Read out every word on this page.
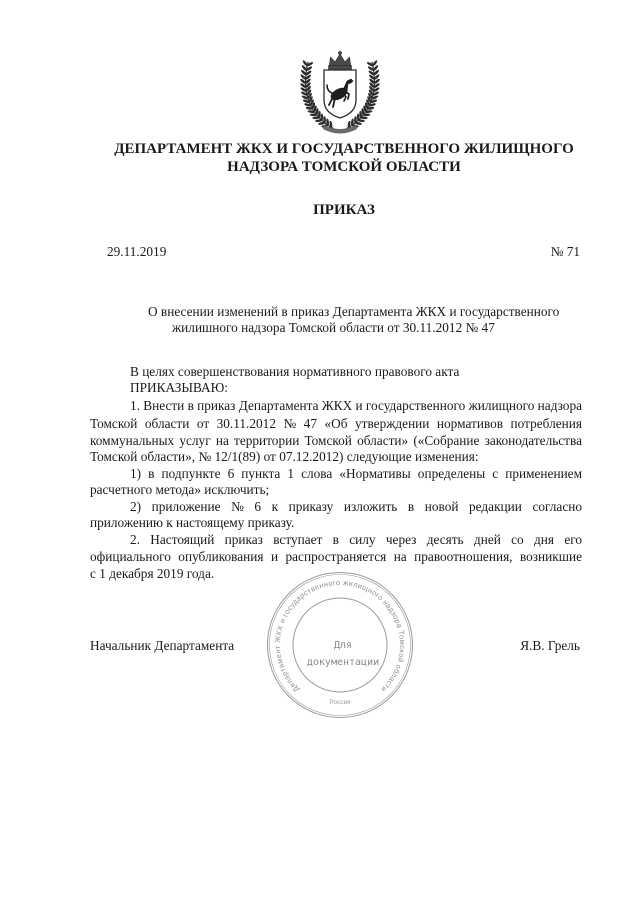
ДЕПАРТАМЕНТ ЖКХ И ГОСУДАРСТВЕННОГО ЖИЛИЩНОГО
НАДЗОРА ТОМСКОЙ ОБЛАСТИ
ПРИКАЗ
29.11.2019	№ 71
О внесении изменений в приказ Департамента ЖКХ и государственного
жилишного надзора Томской области от 30.11.2012 № 47
В целях совершенствования нормативного правового акта
ПРИКАЗЫВАЮ:
1. Внести в приказ Департамента ЖКХ и государственного жилищного надзора
Томской области от 30.11.2012 № 47 «Об утверждении нормативов потребления
коммунальных услуг на территории Томской области» («Собрание законодательства
Томской области», № 12/1(89) от 07.12.2012) следующие изменения:
1) в подпункте 6 пункта 1 слова «Нормативы определены с применением
расчетного метода» исключить;
2) приложение № 6 к приказу изложить в новой редакции согласно
приложению к настоящему приказу.
2. Настоящий приказ вступает в силу через десять дней со дня его
официального опубликования и распространяется на правоотношения, возникшие
с 1 декабря 2019 года.
Департамент ЖКХ и государственного жилищного надзора Томской области
Россия
Для
документации
Начальник Департамента	Я.В. Грель
